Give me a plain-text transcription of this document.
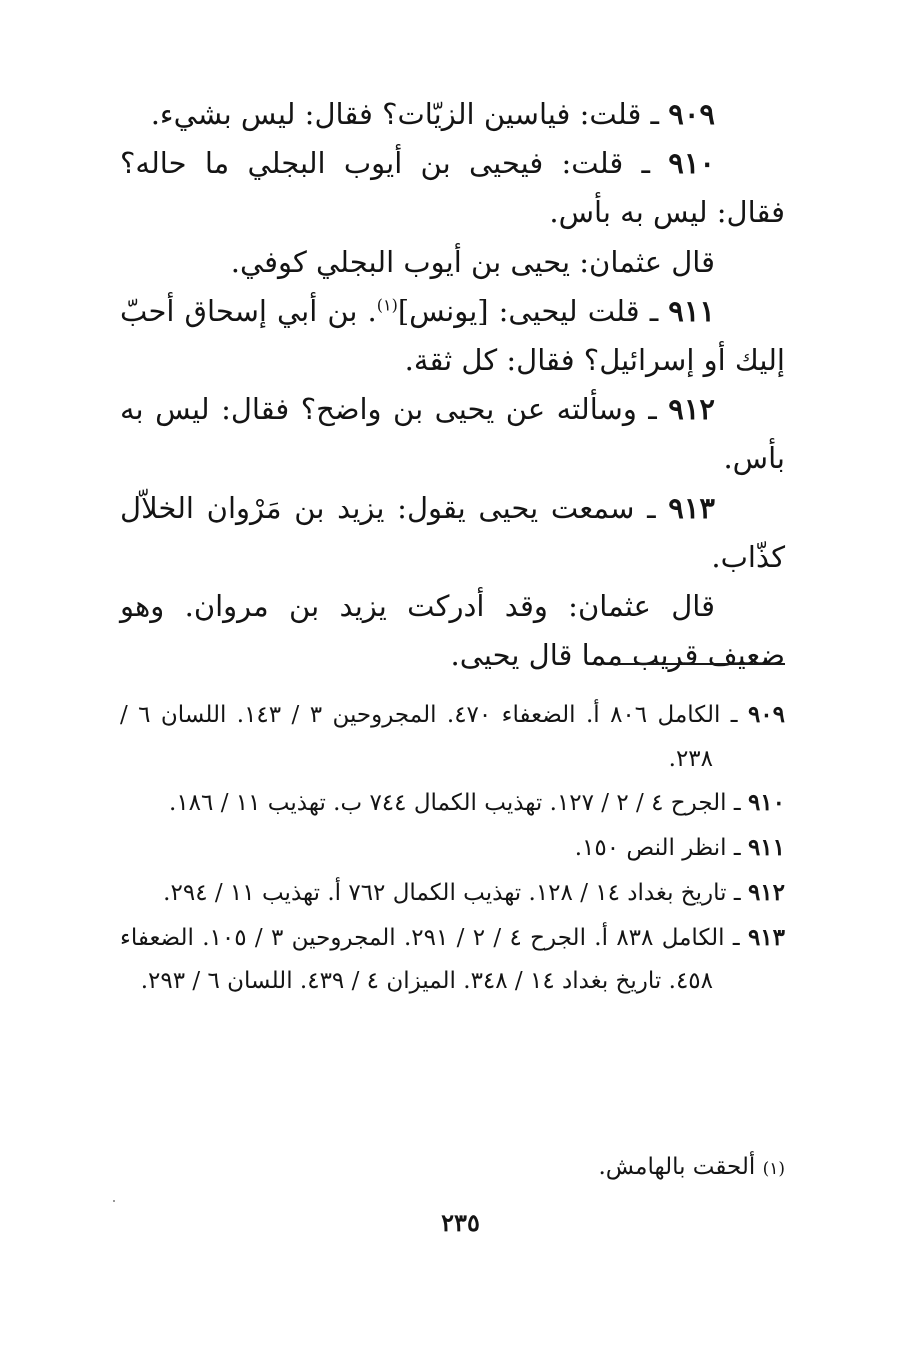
٩٠٩ ـ قلت: فياسين الزيّات؟ فقال: ليس بشيء.

٩١٠ ـ قلت: فيحيى بن أيوب البجلي ما حاله؟ فقال: ليس به بأس.

قال عثمان: يحيى بن أيوب البجلي كوفي.

٩١١ ـ قلت ليحيى: [يونس]$^{(١)}$. بن أبي إسحاق أحبّ إليك أو إسرائيل؟ فقال: كل ثقة.

٩١٢ ـ وسألته عن يحيى بن واضح؟ فقال: ليس به بأس.

٩١٣ ـ سمعت يحيى يقول: يزيد بن مَرْوان الخلاّل كذّاب.

قال عثمان: وقد أدركت يزيد بن مروان. وهو ضعيف قريب مما قال يحيى.

٩٠٩ ـ الكامل ٨٠٦ أ. الضعفاء ٤٧٠. المجروحين ٣ / ١٤٣. اللسان ٦ / ٢٣٨.

٩١٠ ـ الجرح ٤ / ٢ / ١٢٧. تهذيب الكمال ٧٤٤ ب. تهذيب ١١ / ١٨٦.

٩١١ ـ انظر النص ١٥٠.

٩١٢ ـ تاريخ بغداد ١٤ / ١٢٨. تهذيب الكمال ٧٦٢ أ. تهذيب ١١ / ٢٩٤.

٩١٣ ـ الكامل ٨٣٨ أ. الجرح ٤ / ٢ / ٢٩١. المجروحين ٣ / ١٠٥. الضعفاء ٤٥٨. تاريخ بغداد ١٤ / ٣٤٨. الميزان ٤ / ٤٣٩. اللسان ٦ / ٢٩٣.

(١) ألحقت بالهامش.
٢٣٥
